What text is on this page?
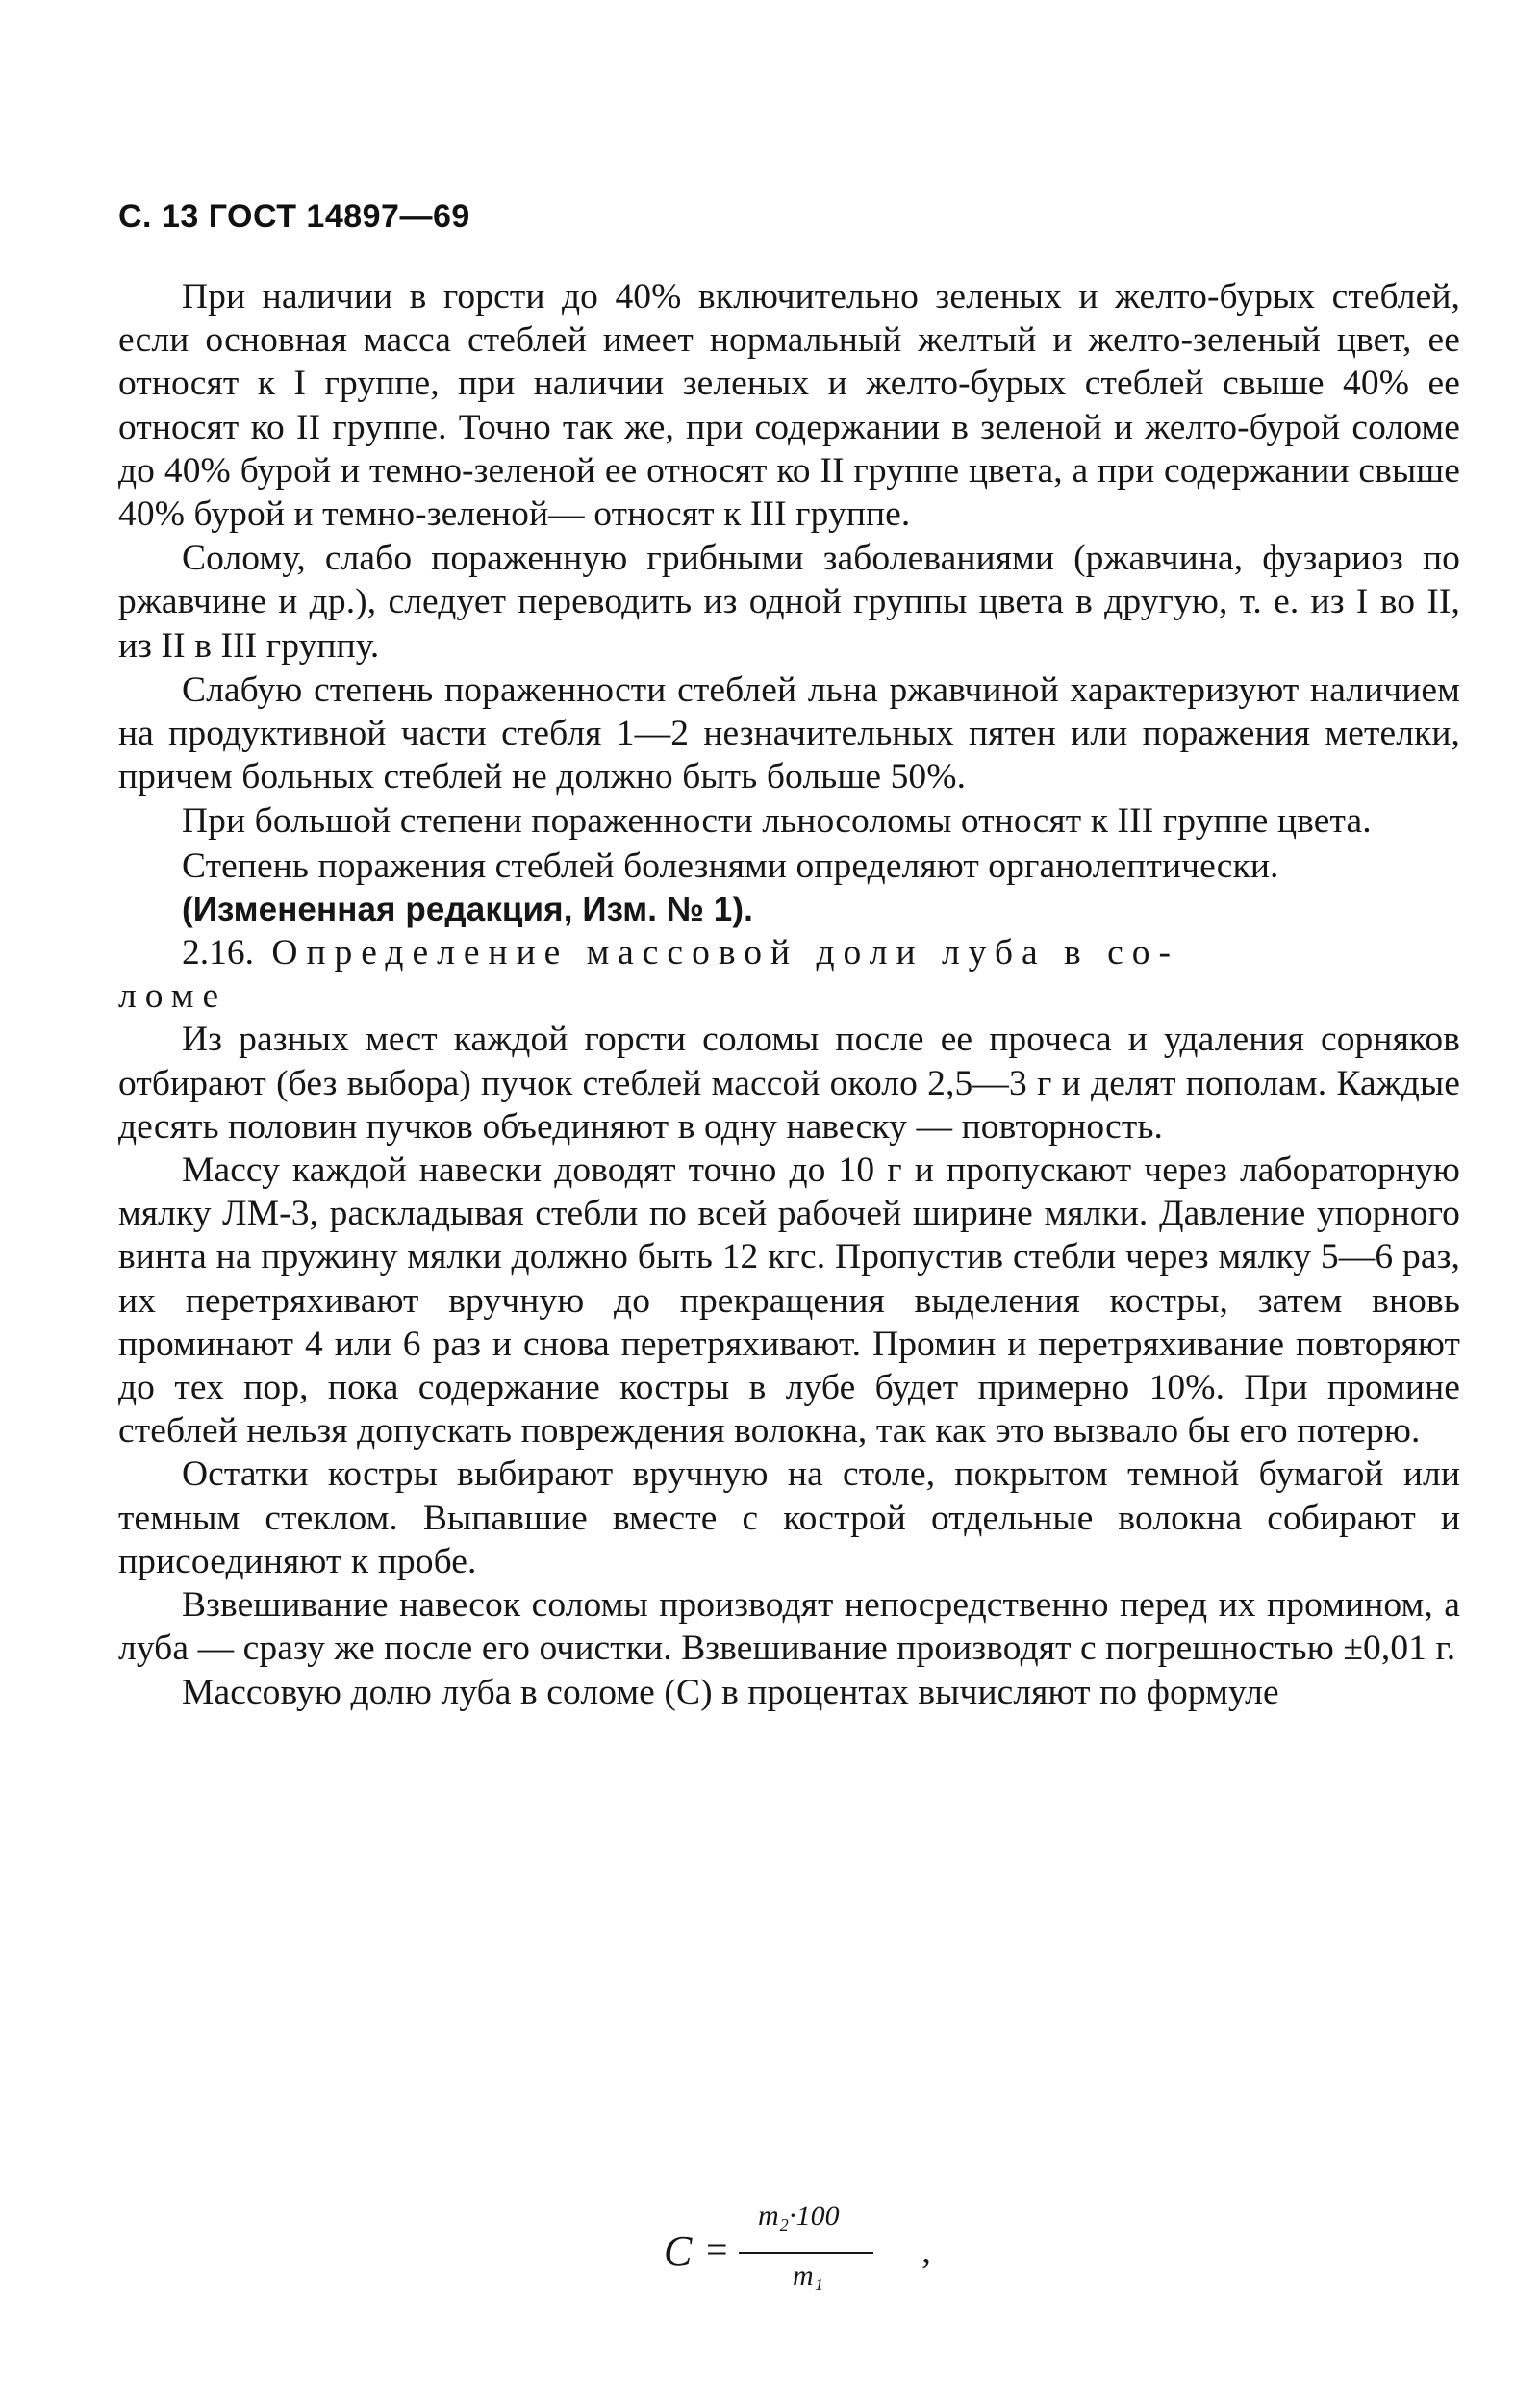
С. 13 ГОСТ 14897—69

При наличии в горсти до 40% включительно зеленых и желто-бурых стеблей, если основная масса стеблей имеет нормальный желтый и желто-зеленый цвет, ее относят к I группе, при наличии зеленых и желто-бурых стеблей свыше 40% ее относят ко II группе. Точно так же, при содержании в зеленой и желто-бурой соломе до 40% бурой и темно-зеленой ее относят ко II группе цвета, а при содержании свыше 40% бурой и темно-зеленой— относят к III группе.

Солому, слабо пораженную грибными заболеваниями (ржавчина, фузариоз по ржавчине и др.), следует переводить из одной группы цвета в другую, т. е. из I во II, из II в III группу.

Слабую степень пораженности стеблей льна ржавчиной характеризуют наличием на продуктивной части стебля 1—2 незначительных пятен или поражения метелки, причем больных стеблей не должно быть больше 50%.

При большой степени пораженности льносоломы относят к III группе цвета.

Степень поражения стеблей болезнями определяют органолептически.

(Измененная редакция, Изм. № 1).

2.16. Определение массовой доли луба в со-

ломе

Из разных мест каждой горсти соломы после ее прочеса и удаления сорняков отбирают (без выбора) пучок стеблей массой около 2,5—3 г и делят пополам. Каждые десять половин пучков объединяют в одну навеску — повторность.

Массу каждой навески доводят точно до 10 г и пропускают через лабораторную мялку ЛМ-3, раскладывая стебли по всей рабочей ширине мялки. Давление упорного винта на пружину мялки должно быть 12 кгс. Пропустив стебли через мялку 5—6 раз, их перетряхивают вручную до прекращения выделения костры, затем вновь проминают 4 или 6 раз и снова перетряхивают. Промин и перетряхивание повторяют до тех пор, пока содержание костры в лубе будет примерно 10%. При промине стеблей нельзя допускать повреждения волокна, так как это вызвало бы его потерю.

Остатки костры выбирают вручную на столе, покрытом темной бумагой или темным стеклом. Выпавшие вместе с кострой отдельные волокна собирают и присоединяют к пробе.

Взвешивание навесок соломы производят непосредственно перед их промином, а луба — сразу же после его очистки. Взвешивание производят с погрешностью ±0,01 г.

Массовую долю луба в соломе (C) в процентах вычисляют по формуле

C =
m₂·100
m₁
,
